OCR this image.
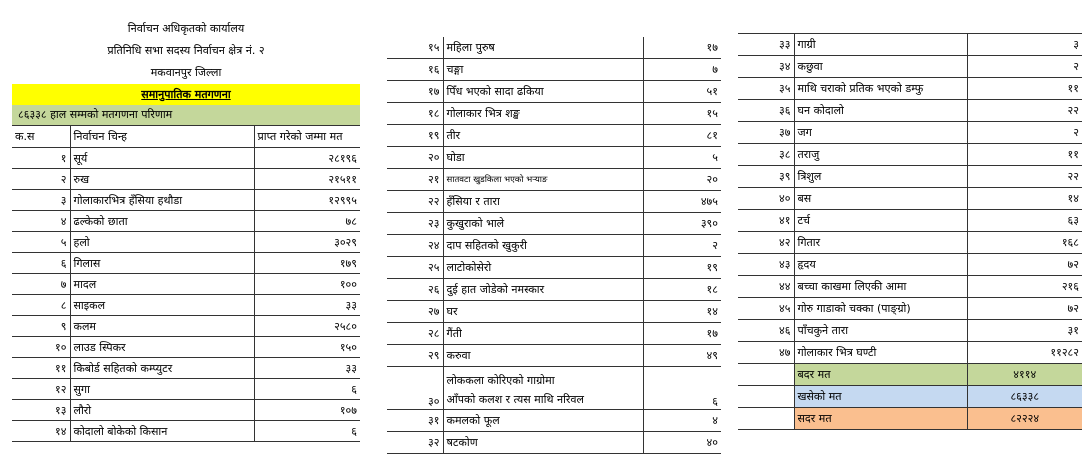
निर्वाचन अधिकृतको कार्यालय
प्रतिनिधि सभा सदस्य निर्वाचन क्षेत्र नं. २
मकवानपुर जिल्ला
समानुपातिक मतगणना
८६३३८ हाल सम्मको मतगणना परिणाम
क.स	निर्वाचन चिन्ह	प्राप्त गरेको जम्मा मत
१	सूर्य	२८१९६
२	रुख	२१५११
३	गोलाकारभित्र हँसिया हथौडा	१२९९५
४	ढल्केको छाता	७८
५	हलो	३०२९
६	गिलास	१७९
७	मादल	१००
८	साइकल	३३
९	कलम	२५८०
१०	लाउड स्पिकर	१५०
११	किबोर्ड सहितको कम्प्युटर	३३
१२	सुगा	६
१३	लौरो	१०७
१४	कोदालो बोकेको किसान	६
१५	महिला पुरुष	१७
१६	चङ्गा	७
१७	पिँध भएको सादा ढकिया	५१
१८	गोलाकार भित्र शङ्ख	१५
१९	तीर	८१
२०	घोडा	५
२१	सातवटा खुडकिला भएको भऱ्याङ	२०
२२	हँसिया र तारा	४७५
२३	कुखुराको भाले	३९०
२४	दाप सहितको खुकुरी	२
२५	लाटोकोसेरो	१९
२६	दुई हात जोडेको नमस्कार	१८
२७	घर	१४
२८	गैंती	१७
२९	करुवा	४९
३०	लोककला कोरिएको गाग्रोमा
आँपको कलश र त्यस माथि नरिवल	६
३१	कमलको फूल	४
३२	षटकोण	४०
३३	गाग्री	३
३४	कछुवा	२
३५	माथि चराको प्रतिक भएको डम्फु	११
३६	घन कोदालो	२२
३७	जग	२
३८	तराजु	११
३९	त्रिशुल	२२
४०	बस	१४
४१	टर्च	६३
४२	गितार	१६८
४३	हृदय	७२
४४	बच्चा काखमा लिएकी आमा	२१६
४५	गोरु गाडाको चक्का (पाङ्ग्रो)	७२
४६	पाँचकुने तारा	३१
४७	गोलाकार भित्र घण्टी	११२८२
	बदर मत	४११४
	खसेको मत	८६३३८
	सदर मत	८२२२४
